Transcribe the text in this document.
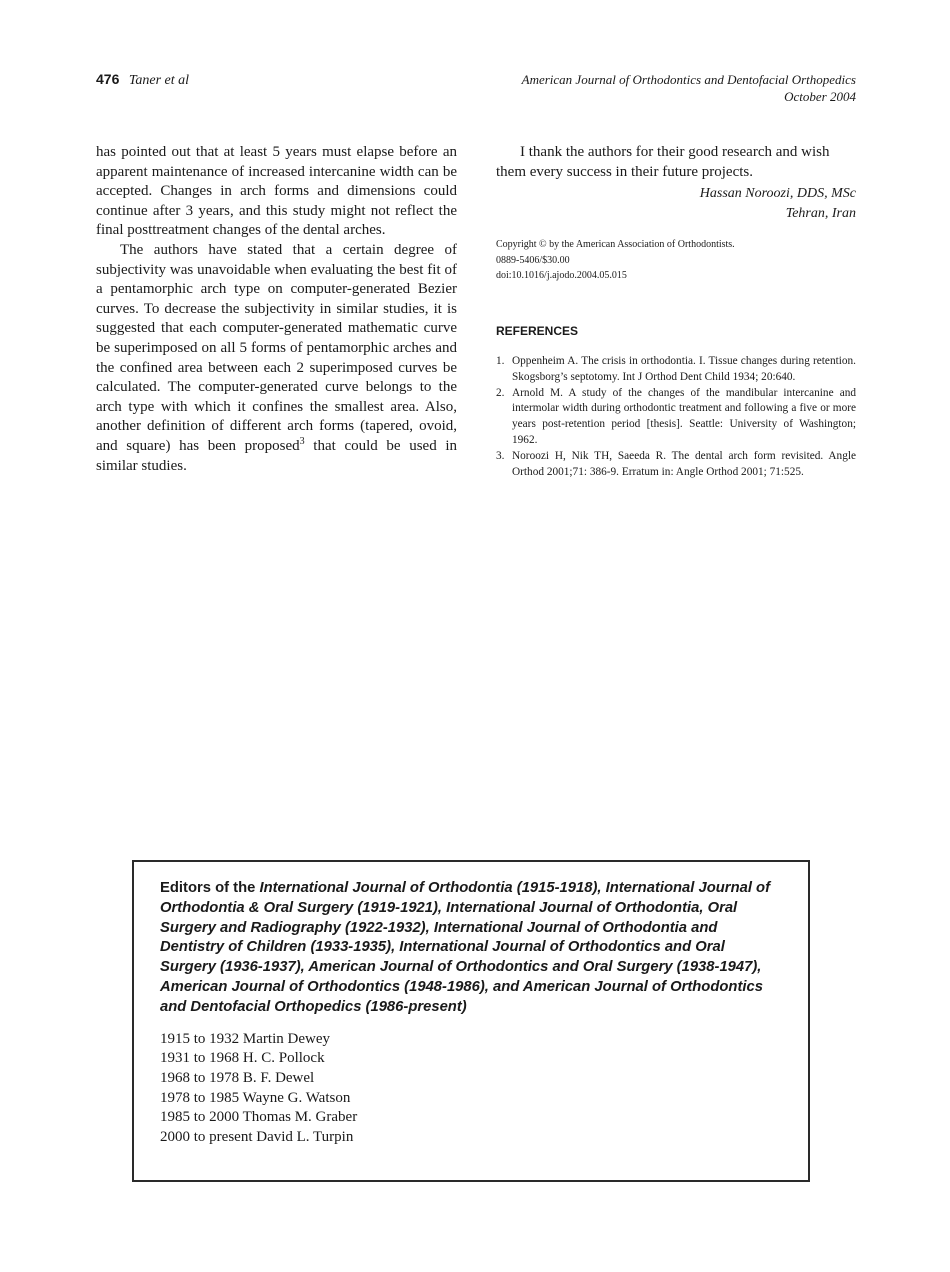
476 Taner et al	American Journal of Orthodontics and Dentofacial Orthopedics
October 2004

has pointed out that at least 5 years must elapse before an apparent maintenance of increased intercanine width can be accepted. Changes in arch forms and dimensions could continue after 3 years, and this study might not reflect the final posttreatment changes of the dental arches.

The authors have stated that a certain degree of subjectivity was unavoidable when evaluating the best fit of a pentamorphic arch type on computer-generated Bezier curves. To decrease the subjectivity in similar studies, it is suggested that each computer-generated mathematic curve be superimposed on all 5 forms of pentamorphic arches and the confined area between each 2 superimposed curves be calculated. The computer-generated curve belongs to the arch type with which it confines the smallest area. Also, another definition of different arch forms (tapered, ovoid, and square) has been proposed$^3$ that could be used in similar studies.

I thank the authors for their good research and wish them every success in their future projects.

Hassan Noroozi, DDS, MSc
Tehran, Iran
Copyright © by the American Association of Orthodontists.
0889-5406/$30.00
doi:10.1016/j.ajodo.2004.05.015
REFERENCES
1. Oppenheim A. The crisis in orthodontia. I. Tissue changes during retention. Skogsborg’s septotomy. Int J Orthod Dent Child 1934; 20:640.
2. Arnold M. A study of the changes of the mandibular intercanine and intermolar width during orthodontic treatment and following a five or more years post-retention period [thesis]. Seattle: University of Washington; 1962.
3. Noroozi H, Nik TH, Saeeda R. The dental arch form revisited. Angle Orthod 2001;71: 386-9. Erratum in: Angle Orthod 2001; 71:525.
Editors of the International Journal of Orthodontia (1915-1918), International Journal of Orthodontia & Oral Surgery (1919-1921), International Journal of Orthodontia, Oral Surgery and Radiography (1922-1932), International Journal of Orthodontia and Dentistry of Children (1933-1935), International Journal of Orthodontics and Oral Surgery (1936-1937), American Journal of Orthodontics and Oral Surgery (1938-1947), American Journal of Orthodontics (1948-1986), and American Journal of Orthodontics and Dentofacial Orthopedics (1986-present)
1915 to 1932 Martin Dewey
1931 to 1968 H. C. Pollock
1968 to 1978 B. F. Dewel
1978 to 1985 Wayne G. Watson
1985 to 2000 Thomas M. Graber
2000 to present David L. Turpin
